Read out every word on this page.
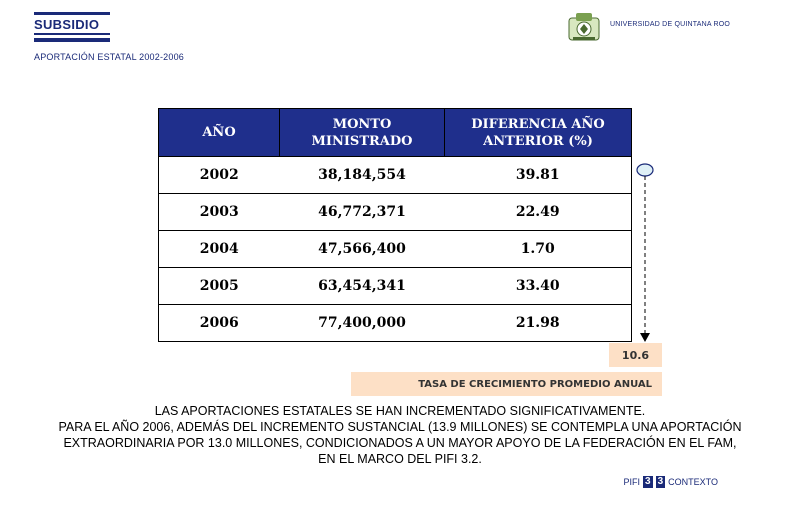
SUBSIDIO
APORTACIÓN ESTATAL 2002-2006
UNIVERSIDAD DE QUINTANA ROO
AÑO	MONTO MINISTRADO	DIFERENCIA AÑO ANTERIOR (%)
2002	38,184,554	39.81
2003	46,772,371	22.49
2004	47,566,400	1.70
2005	63,454,341	33.40
2006	77,400,000	21.98
10.6
TASA DE CRECIMIENTO PROMEDIO ANUAL

LAS APORTACIONES ESTATALES SE HAN INCREMENTADO SIGNIFICATIVAMENTE.

PARA EL AÑO 2006, ADEMÁS DEL INCREMENTO SUSTANCIAL (13.9 MILLONES) SE CONTEMPLA UNA APORTACIÓN EXTRAORDINARIA POR 13.0 MILLONES, CONDICIONADOS A UN MAYOR APOYO DE LA FEDERACIÓN EN EL FAM, EN EL MARCO DEL PIFI 3.2.

PIFI 3 3 CONTEXTO
